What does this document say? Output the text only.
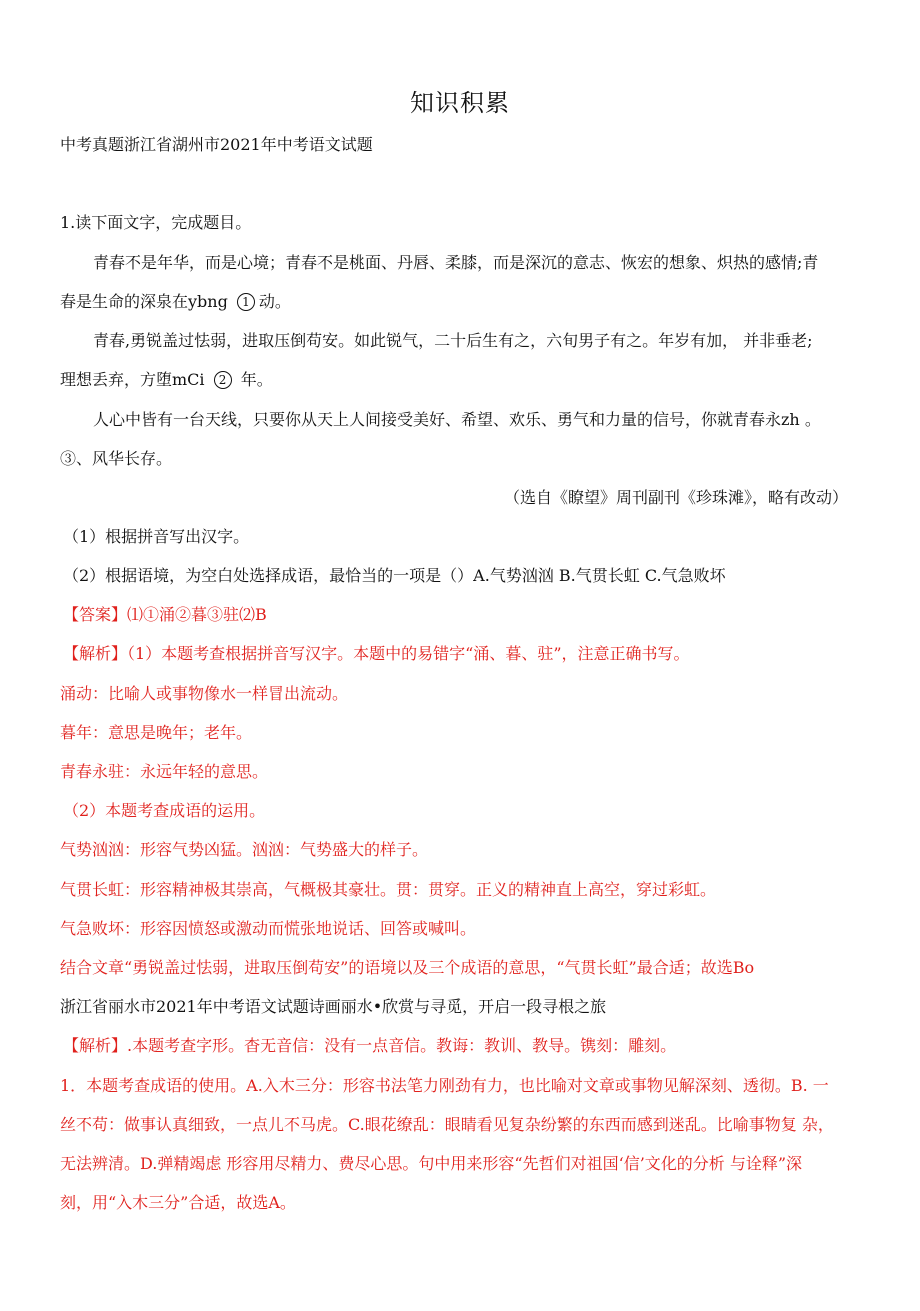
知识积累
中考真题浙江省湖州市2021年中考语文试题
1.读下面文字，完成题目。
青春不是年华，而是心境；青春不是桃面、丹唇、柔膝，而是深沉的意志、恢宏的想象、炽热的感情;青
春是生命的深泉在ybng 1 动。
青春,勇锐盖过怯弱，进取压倒苟安。如此锐气，二十后生有之，六旬男子有之。年岁有加， 并非垂老;
理想丢弃，方堕mCi 2 年。
人心中皆有一台天线，只要你从天上人间接受美好、希望、欢乐、勇气和力量的信号，你就青春永zh 。
③、风华长存。
（选自《瞭望》周刊副刊《珍珠滩》，略有改动）
（1）根据拼音写出汉字。
（2）根据语境，为空白处选择成语，最恰当的一项是（）A.气势汹汹 B.气贯长虹 C.气急败坏
【答案】⑴①涌②暮③驻⑵B
【解析】（1）本题考查根据拼音写汉字。本题中的易错字“涌、暮、驻”，注意正确书写。
涌动：比喻人或事物像水一样冒出流动。
暮年：意思是晚年；老年。
青春永驻：永远年轻的意思。
（2）本题考查成语的运用。
气势汹汹：形容气势凶猛。汹汹：气势盛大的样子。
气贯长虹：形容精神极其崇高，气概极其豪壮。贯：贯穿。正义的精神直上高空，穿过彩虹。
气急败坏：形容因愤怒或激动而慌张地说话、回答或喊叫。
结合文章“勇锐盖过怯弱，进取压倒苟安”的语境以及三个成语的意思，“气贯长虹”最合适；故选Bo
浙江省丽水市2021年中考语文试题诗画丽水•欣赏与寻觅，开启一段寻根之旅
【解析】.本题考查字形。杳无音信：没有一点音信。教诲：教训、教导。镌刻：雕刻。
1．本题考查成语的使用。A.入木三分：形容书法笔力刚劲有力，也比喻对文章或事物见解深刻、透彻。B. 一
丝不苟：做事认真细致，一点儿不马虎。C.眼花缭乱：眼睛看见复杂纷繁的东西而感到迷乱。比喻事物复 杂，
无法辨清。D.弹精竭虑 形容用尽精力、费尽心思。句中用来形容“先哲们对祖国‘信’文化的分析 与诠释”深
刻，用“入木三分”合适，故选A。
